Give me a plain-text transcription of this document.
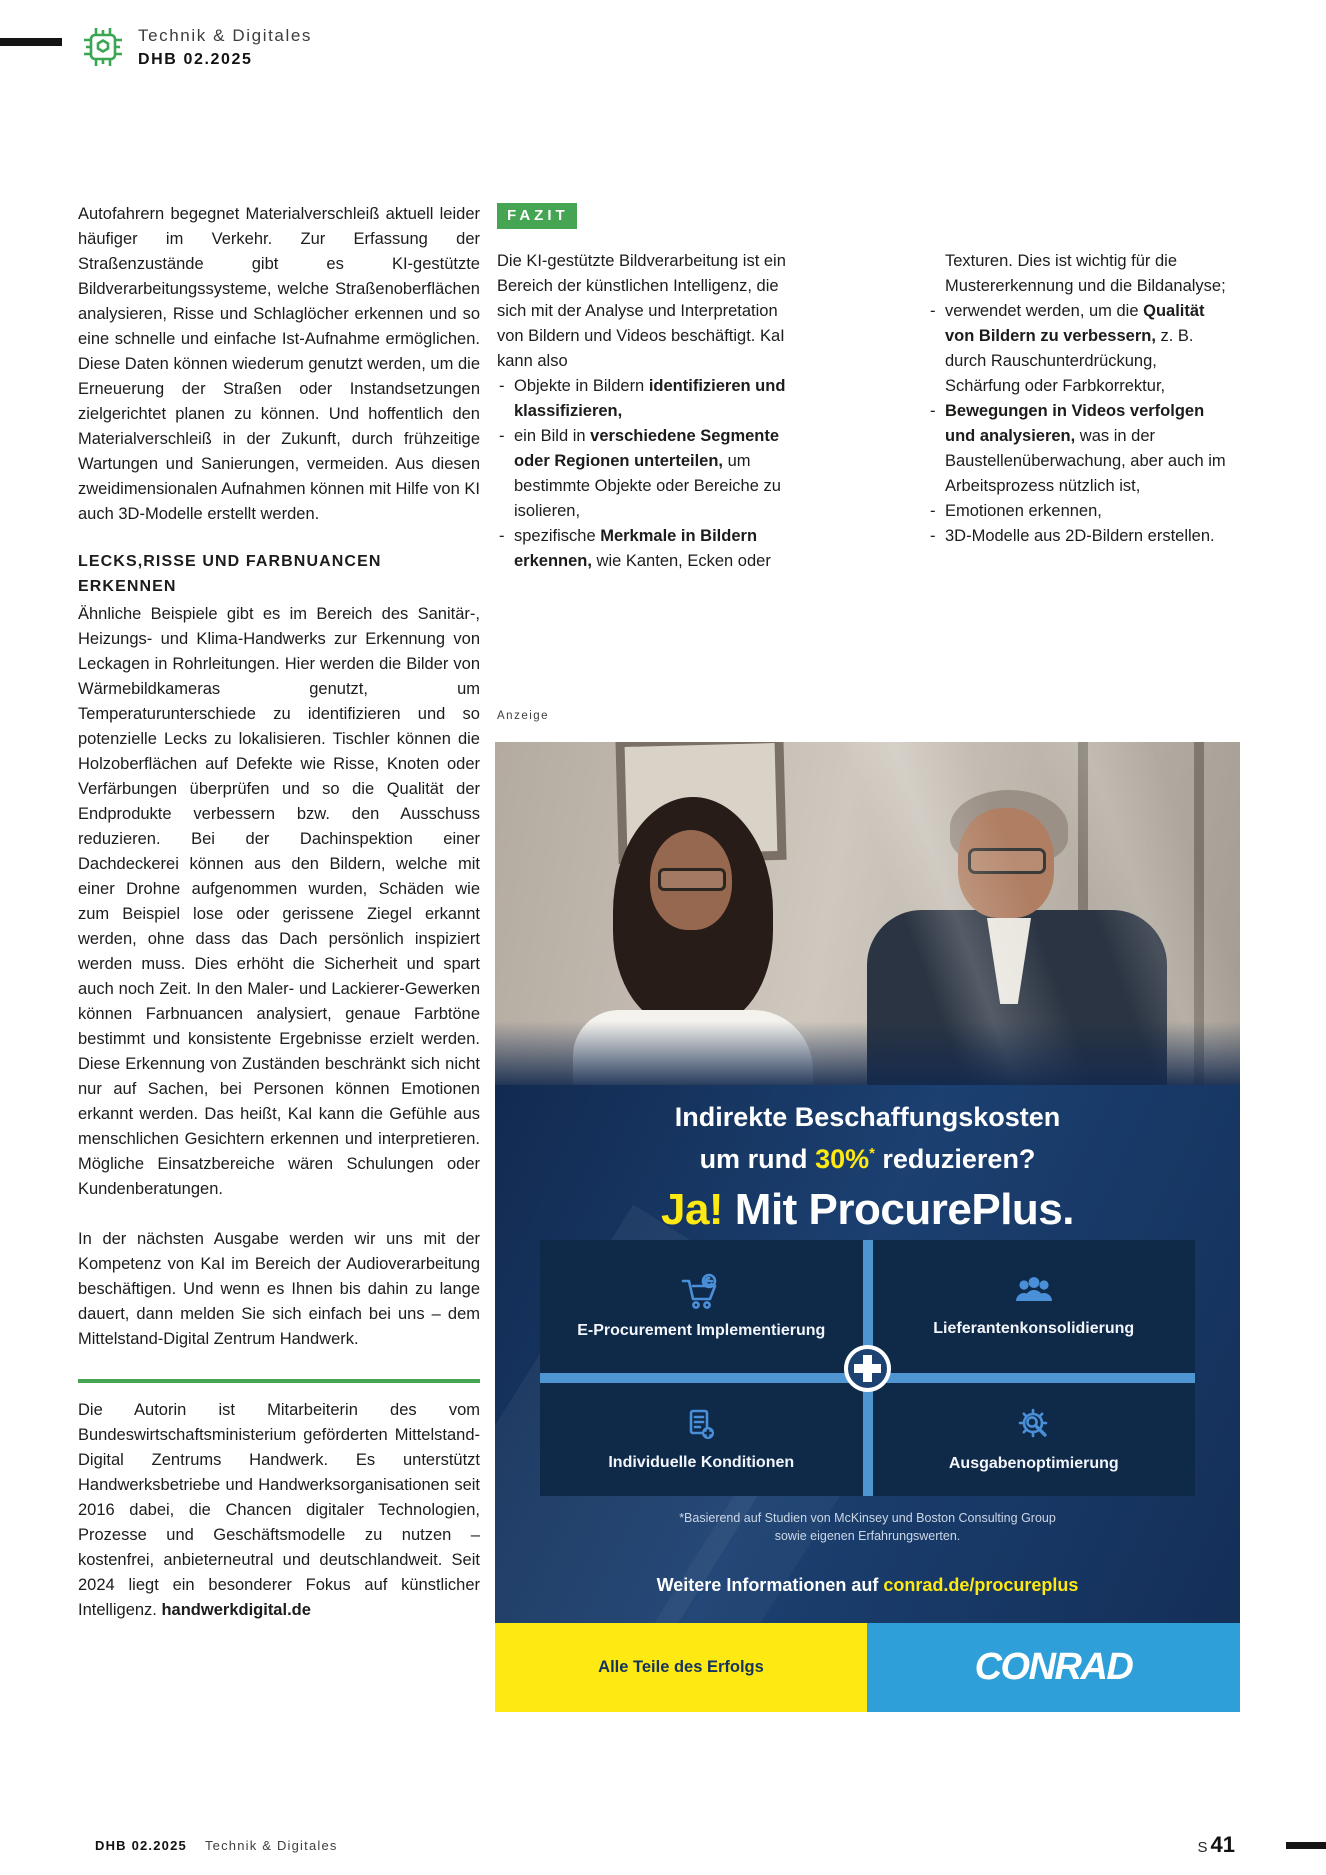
Technik & Digitales
DHB 02.2025

Autofahrern begegnet Materialverschleiß aktuell leider häufiger im Verkehr. Zur Erfassung der Straßenzustände gibt es KI-gestützte Bildverarbeitungssysteme, welche Straßenoberflächen analysieren, Risse und Schlaglöcher erkennen und so eine schnelle und einfache Ist-Aufnahme ermöglichen. Diese Daten können wiederum genutzt werden, um die Erneuerung der Straßen oder Instandsetzungen zielgerichtet planen zu können. Und hoffentlich den Materialverschleiß in der Zukunft, durch frühzeitige Wartungen und Sanierungen, vermeiden. Aus diesen zweidimensionalen Aufnahmen können mit Hilfe von KI auch 3D-Modelle erstellt werden.

LECKS,RISSE UND FARBNUANCEN ERKENNEN

Ähnliche Beispiele gibt es im Bereich des Sanitär-, Heizungs- und Klima-Handwerks zur Erkennung von Leckagen in Rohrleitungen. Hier werden die Bilder von Wärmebildkameras genutzt, um Temperaturunterschiede zu identifizieren und so potenzielle Lecks zu lokalisieren. Tischler können die Holzoberflächen auf Defekte wie Risse, Knoten oder Verfärbungen überprüfen und so die Qualität der Endprodukte verbessern bzw. den Ausschuss reduzieren. Bei der Dachinspektion einer Dachdeckerei können aus den Bildern, welche mit einer Drohne aufgenommen wurden, Schäden wie zum Beispiel lose oder gerissene Ziegel erkannt werden, ohne dass das Dach persönlich inspiziert werden muss. Dies erhöht die Sicherheit und spart auch noch Zeit. In den Maler- und Lackierer-Gewerken können Farbnuancen analysiert, genaue Farbtöne bestimmt und konsistente Ergebnisse erzielt werden. Diese Erkennung von Zuständen beschränkt sich nicht nur auf Sachen, bei Personen können Emotionen erkannt werden. Das heißt, KaI kann die Gefühle aus menschlichen Gesichtern erkennen und interpretieren. Mögliche Einsatzbereiche wären Schulungen oder Kundenberatungen.

In der nächsten Ausgabe werden wir uns mit der Kompetenz von KaI im Bereich der Audioverarbeitung beschäftigen. Und wenn es Ihnen bis dahin zu lange dauert, dann melden Sie sich einfach bei uns – dem Mittelstand-Digital Zentrum Handwerk.

Die Autorin ist Mitarbeiterin des vom Bundeswirtschaftsministerium geförderten Mittelstand-Digital Zentrums Handwerk. Es unterstützt Handwerksbetriebe und Handwerksorganisationen seit 2016 dabei, die Chancen digitaler Technologien, Prozesse und Geschäftsmodelle zu nutzen – kostenfrei, anbieterneutral und deutschlandweit. Seit 2024 liegt ein besonderer Fokus auf künstlicher Intelligenz. handwerkdigital.de

FAZIT

Die KI-gestützte Bildverarbeitung ist ein Bereich der künstlichen Intelligenz, die sich mit der Analyse und Interpretation von Bildern und Videos beschäftigt. KaI kann also

- Objekte in Bildern identifizieren und klassifizieren,
- ein Bild in verschiedene Segmente oder Regionen unterteilen, um bestimmte Objekte oder Bereiche zu isolieren,
- spezifische Merkmale in Bildern erkennen, wie Kanten, Ecken oder

Texturen. Dies ist wichtig für die Mustererkennung und die Bildanalyse;

- verwendet werden, um die Qualität von Bildern zu verbessern, z. B. durch Rauschunterdrückung, Schärfung oder Farbkorrektur,
- Bewegungen in Videos verfolgen und analysieren, was in der Baustellenüberwachung, aber auch im Arbeitsprozess nützlich ist,
- Emotionen erkennen,
- 3D-Modelle aus 2D-Bildern erstellen.
Anzeige
Indirekte Beschaffungskosten
um rund 30%* reduzieren?
Ja! Mit ProcurePlus.
E-Procurement Implementierung	Lieferantenkonsolidierung
Individuelle Konditionen	Ausgabenoptimierung
*Basierend auf Studien von McKinsey und Boston Consulting Group
sowie eigenen Erfahrungswerten.
Weitere Informationen auf conrad.de/procureplus
Alle Teile des Erfolgs	CONRAD
DHB 02.2025 Technik & Digitales	S 41
